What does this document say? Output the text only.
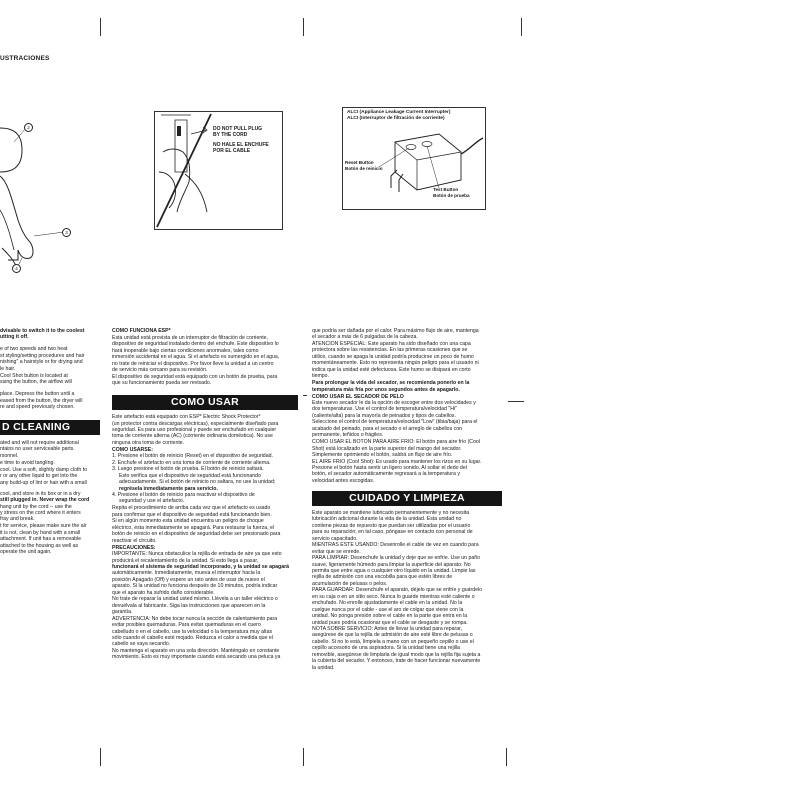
USTRACIONES
2
3
4
DO NOT PULL PLUG
BY THE CORD
NO HALE EL ENCHUFE
POR EL CABLE
ALCI (Appliance Leakage Current Interrupter)
ALCI (Interruptor de filtración de corriente)
Reset Button
Botón de reinicio
Test Button
Botón de prueba

dvisable to switch it to the coolest
utting it off.

e of two speeds and two heat
st styling/setting procedures and hair
nishing" a hairstyle or for drying and
le hair.

Cool Shot button is located at
ssing the button, the airflow will

place. Depress the button until a
eased from the button, the dryer will
re and speed previously chosen.

D CLEANING

ated and will not require additional
ntains no user serviceable parts.
rsonnel.

e time to avoid tangling.

cool. Use a soft, slightly damp cloth to
r or any other liquid to get into the
any build-up of lint or hair with a small

cool, and store in its box or in a dry
still plugged in. Never wrap the cord
hang unit by the cord -- use the
y stress on the cord where it enters
fray and break.

t for service, please make sure the air
it is not, clean by hand with a small
attachment. If unit has a removable
attached to the housing as well as
operate the unit again.

COMO FUNCIONA ESP*

Esta unidad está provista de un interruptor de filtración de corriente,
dispositivo de seguridad instalado dentro del enchufe. Este dispositivo lo
hará inoperable bajo ciertas condiciones anormales, tales como
inmersión accidental en el agua. Si el artefacto es sumergido en el agua,
no trate de reiniciar el dispositivo. Por favor lleve la unidad a un centro
de servicio más cercano para su revisión.
El dispositivo de seguridad está equipado con un botón de prueba, para
que su funcionamiento pueda ser revisado.

COMO USAR

Este artefacto está equipado con ESP* Electric Shock Protector*
(un protector contra descargas eléctricas), especialmente diseñado para
seguridad. Es para uso profesional y puede ser enchufado en cualquier
toma de corriente alterna (AC) (corriente ordinaria doméstica). No use
ninguna otra toma de corriente.

COMO USARSE:

1. Presione el botón de reinicio (Reset) en el dispositivo de seguridad.
2. Enchufe el artefacto en una toma de corriente de corriente alterna.
3. Luego presione el botón de prueba. El botón de reinicio saltará.
Esto verifica que el dispositivo de seguridad está funcionando
adecuadamente. Si el botón de reinicio no saltara, no use la unidad;
regrésela inmediatamente para servicio.
4. Presione el botón de reinicio para reactivar el dispositivo de
seguridad y use el artefacto.

Repita el procedimiento de arriba cada vez que el artefacto es usado
para confirmar que el dispositivo de seguridad está funcionando bien.
Si en algún momento esta unidad encuentra un peligro de choque
eléctrico, ésta inmediatamente se apagará. Para restaurar la fuerza, el
botón de reinicio en el dispositivo de seguridad debe ser presionado para
reactivar el circuito.

PRECAUCIONES:

IMPORTANTE: Nunca obstaculice la rejilla de entrada de aire ya que esto
producirá el recalentamiento de la unidad. Si esto llega a pasar,
funcionará el sistema de seguridad incorporado, y la unidad se apagará
automáticamente. Inmediatamente, mueva el interruptor hacia la
posición Apagado (Off) y espere un rato antes de usar de nuevo el
aparato. Si la unidad no funciona después de 10 minutos, podría indicar
que el aparato ha sufrido daño considerable.
No trate de reparar la unidad usted mismo. Llévela a un taller eléctrico o
devuélvala al fabricante. Siga las instrucciones que aparecen en la
garantía.
ADVERTENCIA: No debe tocar nunca la sección de calentamiento para
evitar posibles quemaduras. Para evitar quemaduras en el cuero
cabelludo o en el cabello, use la velocidad o la temperatura muy altas
sólo cuando el cabello esté mojado. Reduzca el calor a medida que el
cabello se vaya secando.
No mantenga el aparato en una sola dirección. Manténgalo en constante
movimiento. Esto es muy importante cuando está secando una peluca ya

que podría ser dañada por el calor. Para máximo flujo de aire, mantenga
el secador a más de 6 pulgadas de la cabeza.
ATENCION ESPECIAL: Este aparato ha sido diseñado con una capa
protectora sobre las resistencias. En las primeras ocasiones que se
utilice, cuando se apaga la unidad podría producirse un poco de humo
momentáneamente. Esto no representa ningún peligro para el usuario ni
indica que la unidad esté defectuosa. Este humo se disipará en corto
tiempo.

Para prolongar la vida del secador, se recomienda ponerlo en la
temperatura más fría por unos segundos antes de apagarlo.

COMO USAR EL SECADOR DE PELO

Este nuevo secador le da la opción de escoger entre dos velocidades y
dos temperaturas. Use el control de temperatura/velocidad "Hi"
(caliente/alta) para la mayoría de peinados y tipos de cabellos.
Seleccione el control de temperatura/velocidad "Low" (tibia/baja) para el
acabado del peinado, para el secado o el arreglo de cabellos con
permanente, teñidos o frágiles.

COMO USAR EL BOTON PARA AIRE FRIO: El botón para aire frío (Cool

Shot) está localizado en la parte superior del mango del secador.
Simplemente oprimiendo el botón, saldrá un flujo de aire frío.
EL AIRE FRIO (Cool Shot): Es usado para mantener los rizos en su lugar.
Presione el botón hasta sentir un ligero sonido. Al soltar el dedo del
botón, el secador automáticamente regresará a la temperatura y
velocidad antes escogidas.

CUIDADO Y LIMPIEZA

Este aparato se mantiene lubricado permanentemente y no necesita
lubricación adicional durante la vida de la unidad. Esta unidad no
contiene piezas de repuesto que puedan ser utilizadas por el usuario
para su reparación; en tal caso, póngase en contacto con personal de
servicio capacitado.
MIENTRAS ESTE USANDO: Desenrolle el cable de vez en cuando para
evitar que se enrede.
PARA LIMPIAR: Desenchufe la unidad y deje que se enfríe. Use un paño
suave, ligeramente húmedo para limpiar la superficie del aparato. No
permita que entre agua o cualquier otro líquido en la unidad. Limpie las
rejilla de admisión con una escobilla para que estén libres de
acumulación de pelusas o pelos.
PARA GUARDAR: Desenchufe el aparato, déjelo que se enfríe y guárdelo
en su caja o en un sitio seco. Nunca lo guarde mientras esté caliente o
enchufado. No enrolle ajustadamente el cable en la unidad. No la
cuelgue nunca por el cable - use el aro de colgar que viene con la
unidad. No ponga presión sobre el cable en la parte que entra en la
unidad pues podría ocasionar que el cable se desgaste y se rompa.
NOTA SOBRE SERVICIO: Antes de llevar la unidad para reparar,
asegúrese de que la rejilla de admisión de aire esté libre de pelusas o
cabello. Si no lo está, límpiela a mano con un pequeño cepillo o use el
cepillo accesorio de una aspiradora. Si la unidad tiene una rejilla
removible, asegúrese de limpiarla de igual modo que la rejilla fija sujeta a
la cubierta del secador. Y entonces, trate de hacer funcionar nuevamente
la unidad.
